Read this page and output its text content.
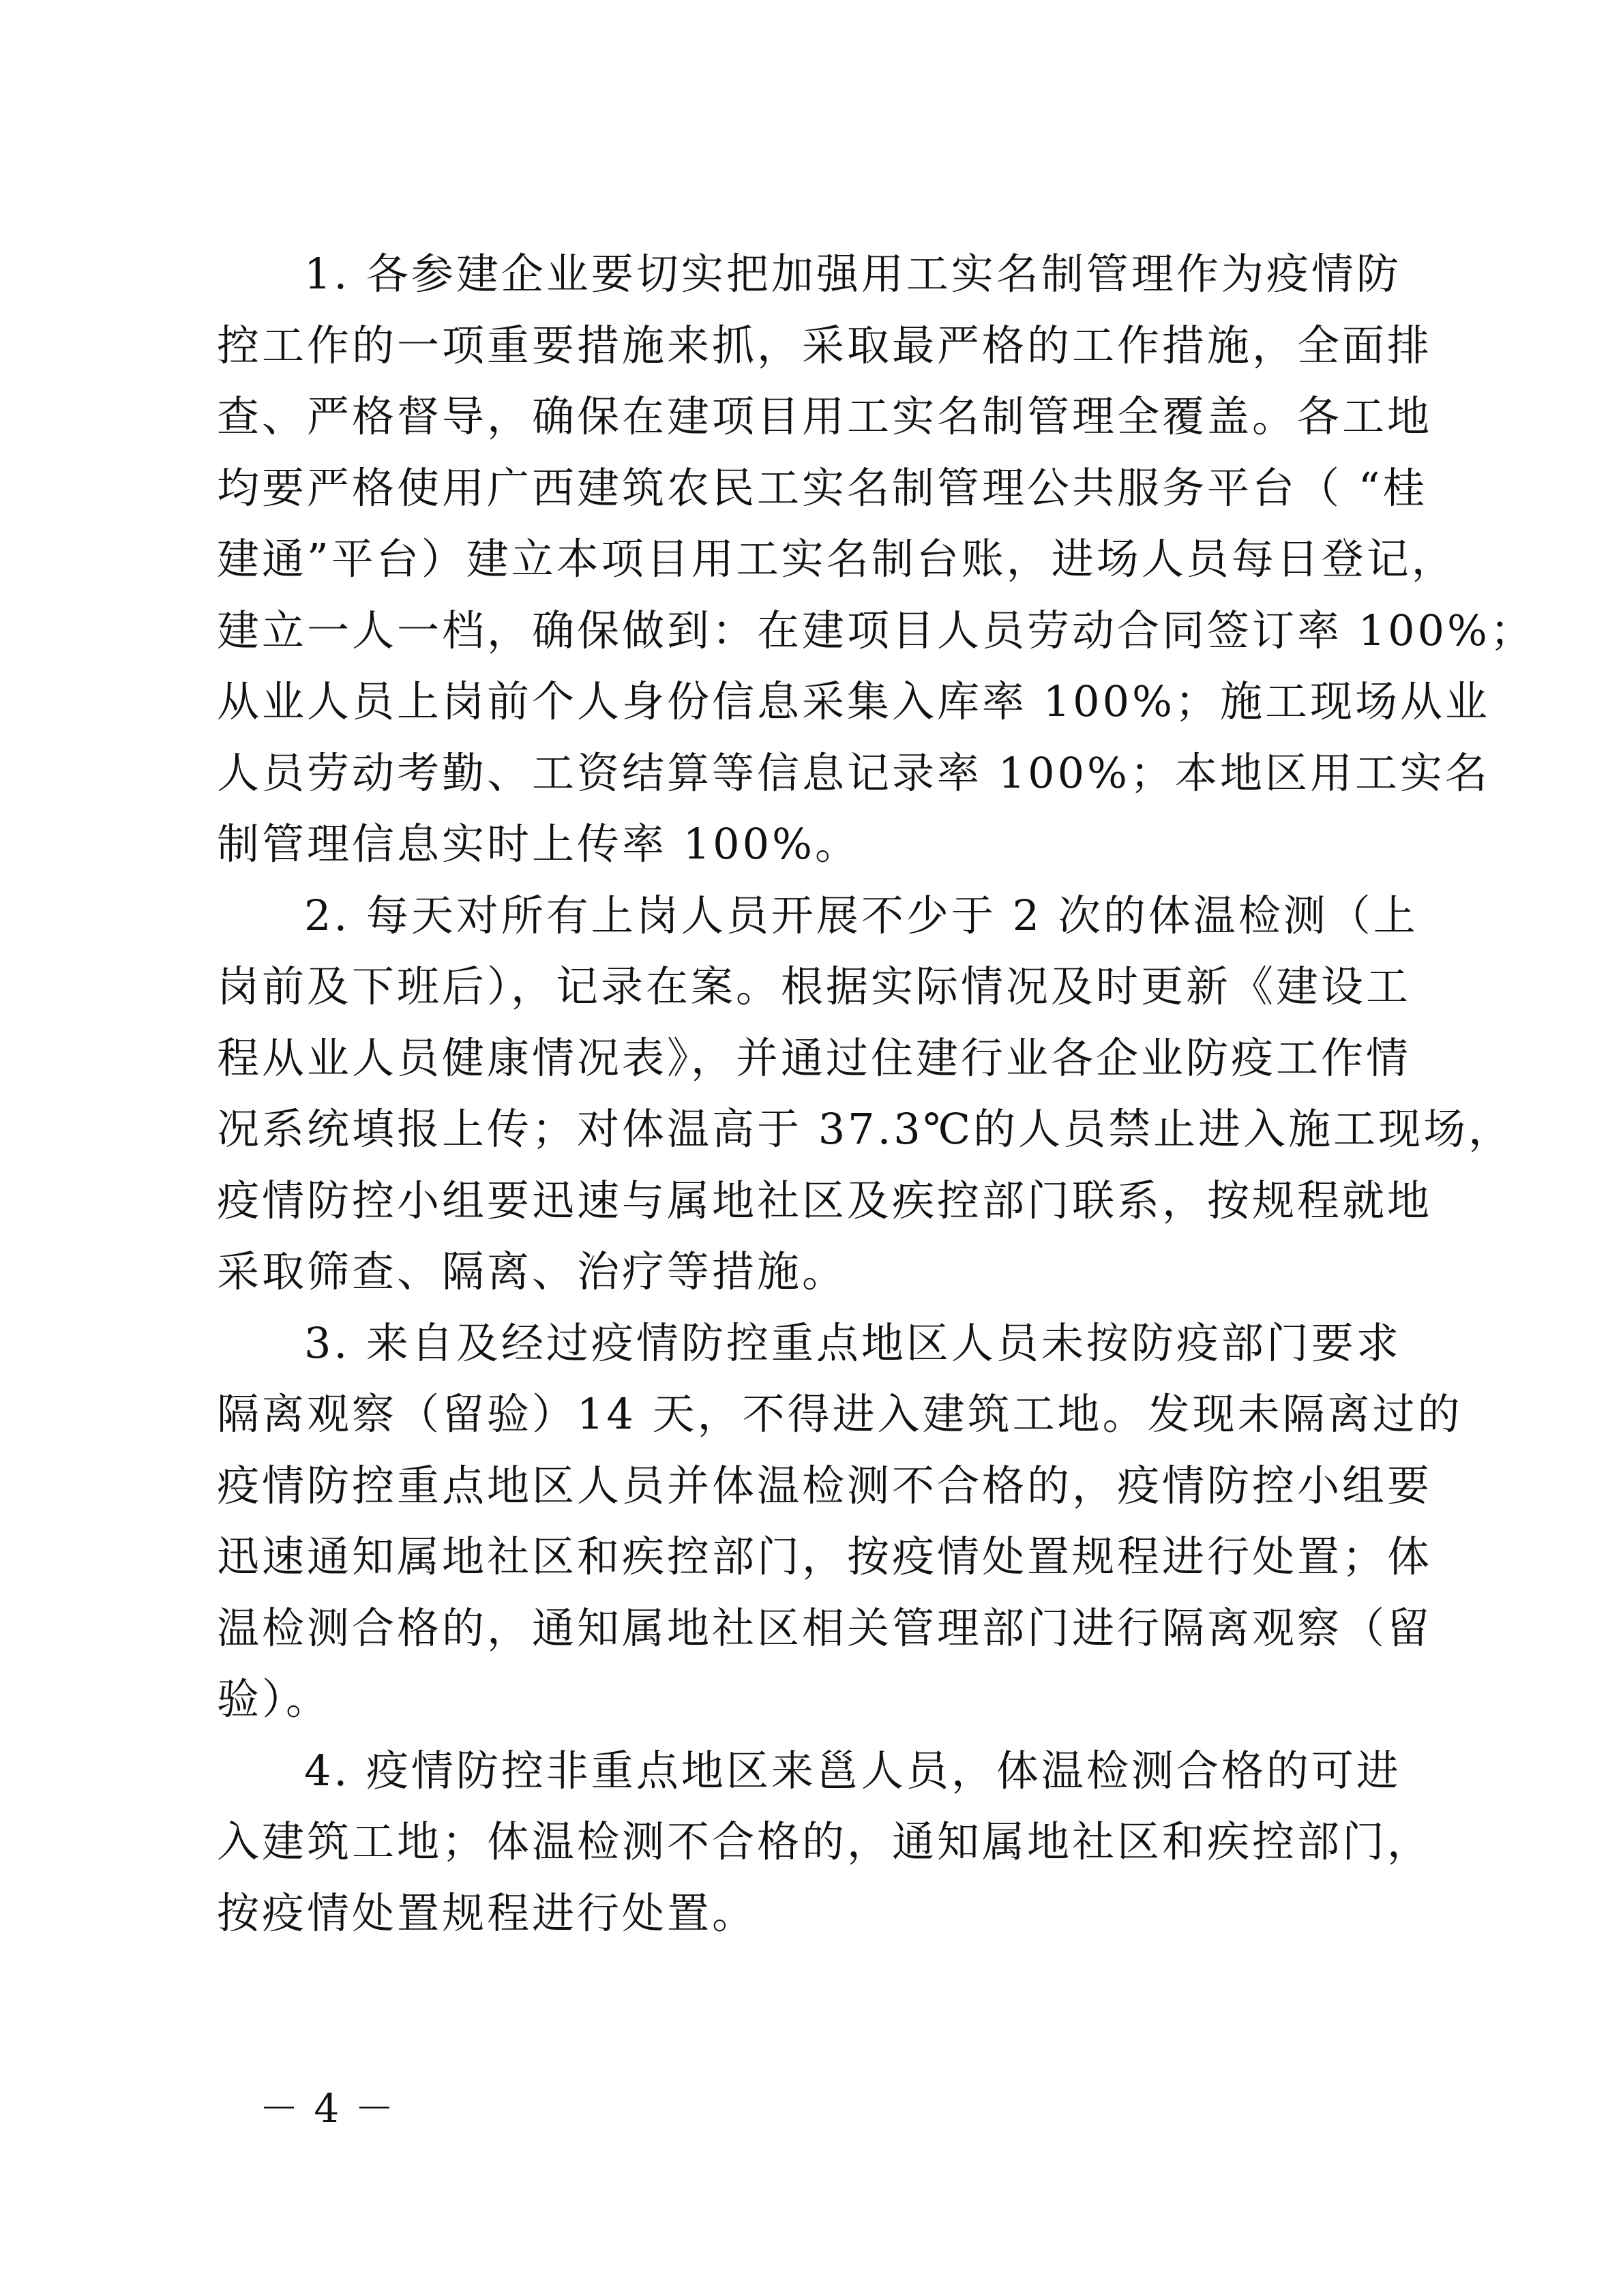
1. 各参建企业要切实把加强用工实名制管理作为疫情防
控工作的一项重要措施来抓，采取最严格的工作措施，全面排
查、严格督导，确保在建项目用工实名制管理全覆盖。各工地
均要严格使用广西建筑农民工实名制管理公共服务平台（ “桂
建通”平台）建立本项目用工实名制台账，进场人员每日登记，
建立一人一档，确保做到：在建项目人员劳动合同签订率 100%；
从业人员上岗前个人身份信息采集入库率 100%；施工现场从业
人员劳动考勤、工资结算等信息记录率 100%；本地区用工实名
制管理信息实时上传率 100%。
2. 每天对所有上岗人员开展不少于 2 次的体温检测（上
岗前及下班后），记录在案。根据实际情况及时更新《建设工
程从业人员健康情况表》，并通过住建行业各企业防疫工作情
况系统填报上传；对体温高于 37.3℃的人员禁止进入施工现场，
疫情防控小组要迅速与属地社区及疾控部门联系，按规程就地
采取筛查、隔离、治疗等措施。
3. 来自及经过疫情防控重点地区人员未按防疫部门要求
隔离观察（留验）14 天，不得进入建筑工地。发现未隔离过的
疫情防控重点地区人员并体温检测不合格的，疫情防控小组要
迅速通知属地社区和疾控部门，按疫情处置规程进行处置；体
温检测合格的，通知属地社区相关管理部门进行隔离观察（留
验）。
4. 疫情防控非重点地区来邕人员，体温检测合格的可进
入建筑工地；体温检测不合格的，通知属地社区和疾控部门，
按疫情处置规程进行处置。
－ 4 －
